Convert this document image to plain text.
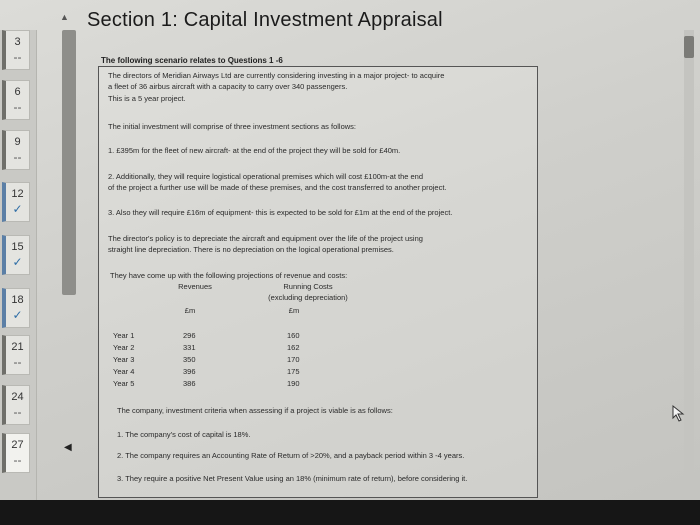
▲
3
--
6
--
9
--
12
✓
15
✓
18
✓
21
--
24
--
27
--
◀
Section 1: Capital Investment Appraisal
The following scenario relates to Questions 1 -6
The directors of Meridian Airways Ltd are currently considering investing in a major project- to acquire
a fleet of 36 airbus aircraft with a capacity to carry over 340 passengers.
This is a 5 year project.
The initial investment will comprise of three investment sections as follows:
1. £395m for the fleet of new aircraft- at the end of the project they will be sold for £40m.
2. Additionally, they will require logistical operational premises which will cost £100m-at the end
of the project a further use will be made of these premises, and the cost transferred to another project.
3. Also they will require £16m of equipment- this is expected to be sold for £1m at the end of the project.
The director's policy is to depreciate the aircraft and equipment over the life of the project using
straight line depreciation. There is no depreciation on the logical operational premises.
They have come up with the following projections of revenue and costs:
Revenues	Running Costs
(excluding depreciation)
£m	£m
Year 1	296	160
Year 2	331	162
Year 3	350	170
Year 4	396	175
Year 5	386	190
The company, investment criteria when assessing if a project is viable is as follows:
1. The company's cost of capital is 18%.
2. The company requires an Accounting Rate of Return of >20%, and a payback period within 3 -4 years.
3. They require a positive Net Present Value using an 18% (minimum rate of return), before considering it.
